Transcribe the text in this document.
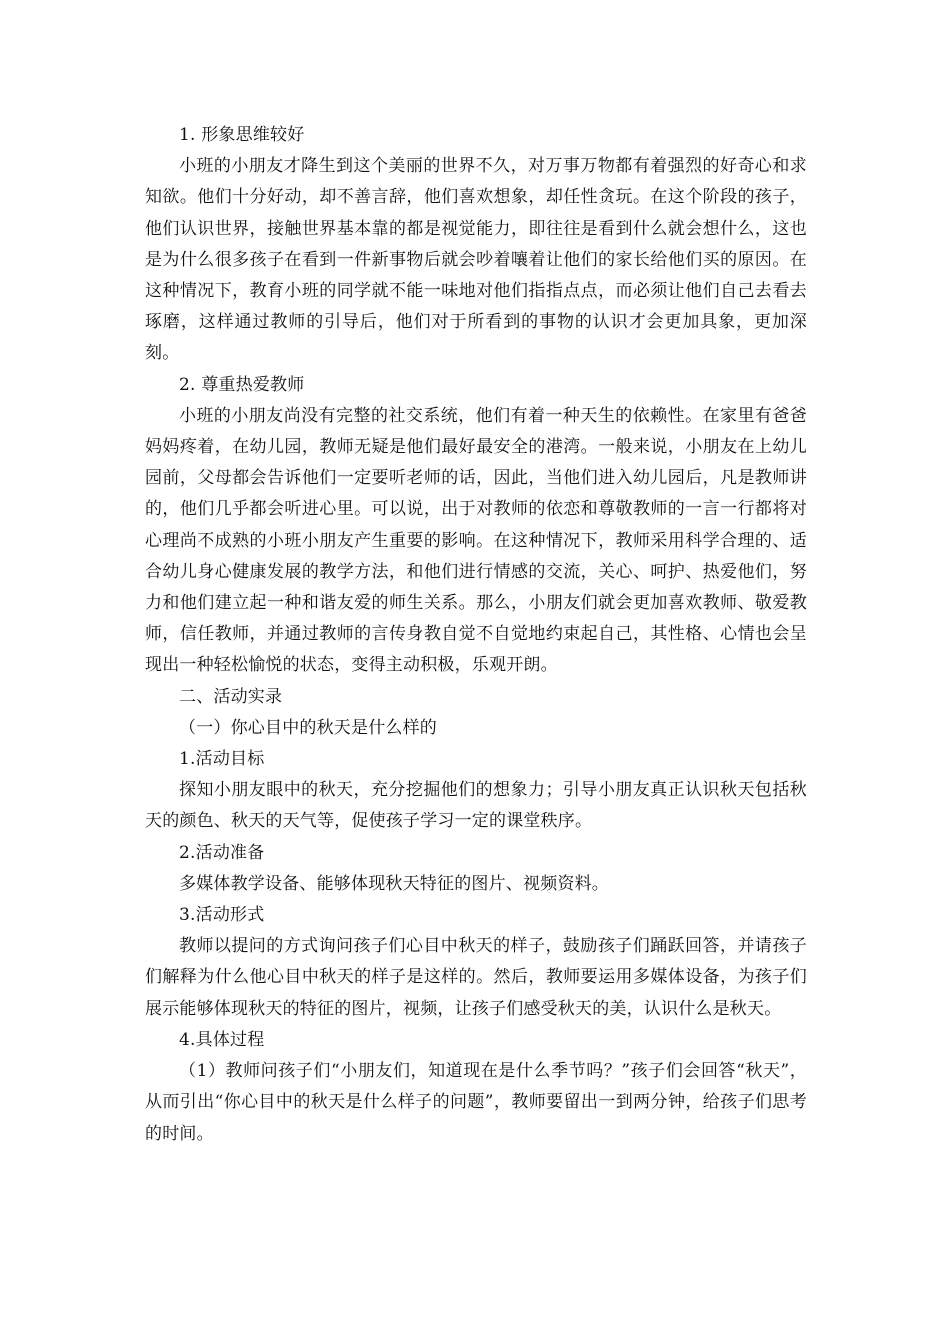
1. 形象思维较好

小班的小朋友才降生到这个美丽的世界不久，对万事万物都有着强烈的好奇心和求知欲。他们十分好动，却不善言辞，他们喜欢想象，却任性贪玩。在这个阶段的孩子，他们认识世界，接触世界基本靠的都是视觉能力，即往往是看到什么就会想什么，这也是为什么很多孩子在看到一件新事物后就会吵着嚷着让他们的家长给他们买的原因。在这种情况下，教育小班的同学就不能一味地对他们指指点点，而必须让他们自己去看去琢磨，这样通过教师的引导后，他们对于所看到的事物的认识才会更加具象，更加深刻。

2. 尊重热爱教师

小班的小朋友尚没有完整的社交系统，他们有着一种天生的依赖性。在家里有爸爸妈妈疼着，在幼儿园，教师无疑是他们最好最安全的港湾。一般来说，小朋友在上幼儿园前，父母都会告诉他们一定要听老师的话，因此，当他们进入幼儿园后，凡是教师讲的，他们几乎都会听进心里。可以说，出于对教师的依恋和尊敬教师的一言一行都将对心理尚不成熟的小班小朋友产生重要的影响。在这种情况下，教师采用科学合理的、适合幼儿身心健康发展的教学方法，和他们进行情感的交流，关心、呵护、热爱他们，努力和他们建立起一种和谐友爱的师生关系。那么，小朋友们就会更加喜欢教师、敬爱教师，信任教师，并通过教师的言传身教自觉不自觉地约束起自己，其性格、心情也会呈现出一种轻松愉悦的状态，变得主动积极，乐观开朗。

二、活动实录

（一）你心目中的秋天是什么样的

1.活动目标

探知小朋友眼中的秋天，充分挖掘他们的想象力；引导小朋友真正认识秋天包括秋天的颜色、秋天的天气等，促使孩子学习一定的课堂秩序。

2.活动准备

多媒体教学设备、能够体现秋天特征的图片、视频资料。

3.活动形式

教师以提问的方式询问孩子们心目中秋天的样子，鼓励孩子们踊跃回答，并请孩子们解释为什么他心目中秋天的样子是这样的。然后，教师要运用多媒体设备，为孩子们展示能够体现秋天的特征的图片，视频，让孩子们感受秋天的美，认识什么是秋天。

4.具体过程

（1）教师问孩子们“小朋友们，知道现在是什么季节吗？”孩子们会回答“秋天”，从而引出“你心目中的秋天是什么样子的问题”，教师要留出一到两分钟，给孩子们思考的时间。
